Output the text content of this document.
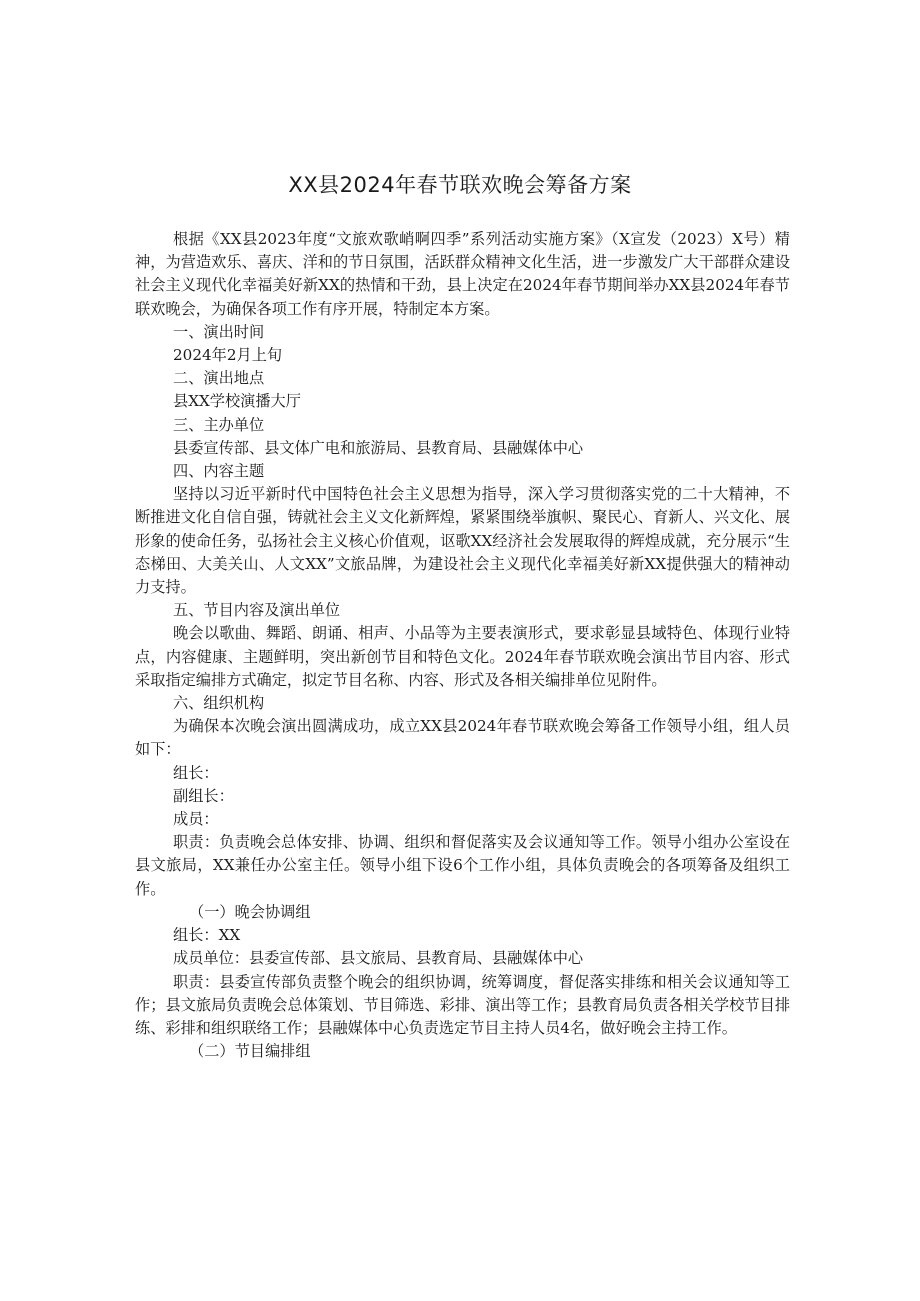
XX县2024年春节联欢晚会筹备方案

根据《XX县2023年度“文旅欢歌峭啊四季”系列活动实施方案》（X宣发（2023）X号）精神，为营造欢乐、喜庆、洋和的节日氛围，活跃群众精神文化生活，进一步激发广大干部群众建设社会主义现代化幸福美好新XX的热情和干劲，县上决定在2024年春节期间举办XX县2024年春节联欢晚会，为确保各项工作有序开展，特制定本方案。

一、演出时间

2024年2月上旬

二、演出地点

县XX学校演播大厅

三、主办单位

县委宣传部、县文体广电和旅游局、县教育局、县融媒体中心

四、内容主题

坚持以习近平新时代中国特色社会主义思想为指导，深入学习贯彻落实党的二十大精神，不断推进文化自信自强，铸就社会主义文化新辉煌，紧紧围绕举旗帜、聚民心、育新人、兴文化、展形象的使命任务，弘扬社会主义核心价值观，讴歌XX经济社会发展取得的辉煌成就，充分展示“生态梯田、大美关山、人文XX”文旅品牌，为建设社会主义现代化幸福美好新XX提供强大的精神动力支持。

五、节目内容及演出单位

晚会以歌曲、舞蹈、朗诵、相声、小品等为主要表演形式，要求彰显县域特色、体现行业特点，内容健康、主题鲜明，突出新创节目和特色文化。2024年春节联欢晚会演出节目内容、形式采取指定编排方式确定，拟定节目名称、内容、形式及各相关编排单位见附件。

六、组织机构

为确保本次晚会演出圆满成功，成立XX县2024年春节联欢晚会筹备工作领导小组，组人员如下：

组长：

副组长：

成员：

职责：负责晚会总体安排、协调、组织和督促落实及会议通知等工作。领导小组办公室设在县文旅局，XX兼任办公室主任。领导小组下设6个工作小组，具体负责晚会的各项筹备及组织工作。

（一）晚会协调组

组长：XX

成员单位：县委宣传部、县文旅局、县教育局、县融媒体中心

职责：县委宣传部负责整个晚会的组织协调，统筹调度，督促落实排练和相关会议通知等工作；县文旅局负责晚会总体策划、节目筛选、彩排、演出等工作；县教育局负责各相关学校节目排练、彩排和组织联络工作；县融媒体中心负责选定节目主持人员4名，做好晚会主持工作。

（二）节目编排组
